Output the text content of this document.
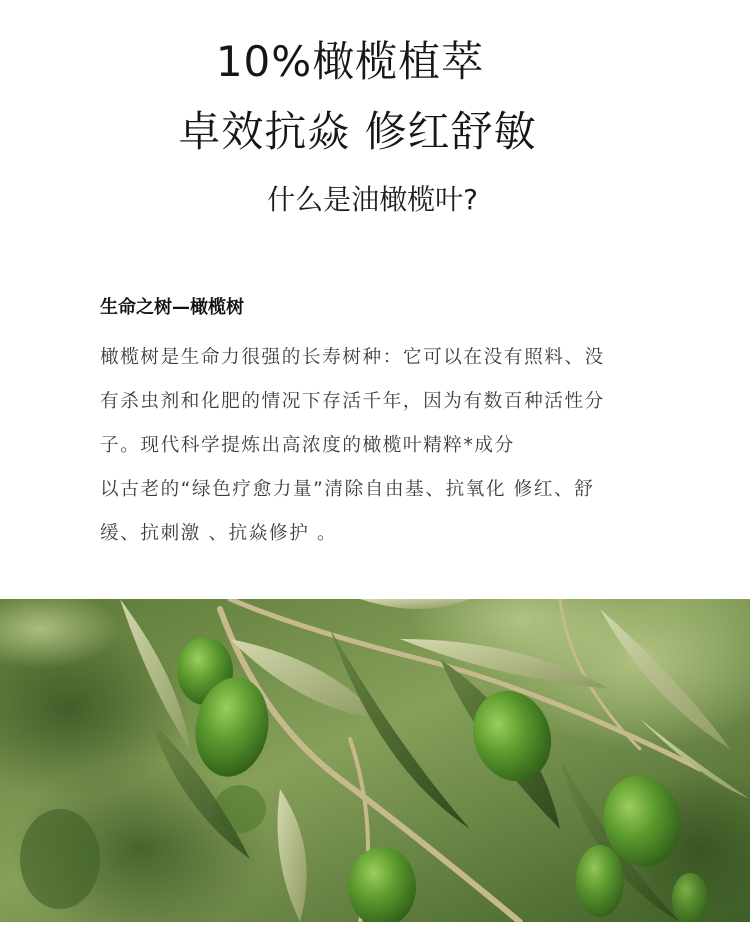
10%橄榄植萃
卓效抗焱 修红舒敏
什么是油橄榄叶?
生命之树—橄榄树
橄榄树是生命力很强的长寿树种：它可以在没有照料、没
有杀虫剂和化肥的情况下存活千年，因为有数百种活性分
子。现代科学提炼出高浓度的橄榄叶精粹*成分
以古老的“绿色疗愈力量”清除自由基、抗氧化 修红、舒
缓、抗刺激 、抗焱修护 。
